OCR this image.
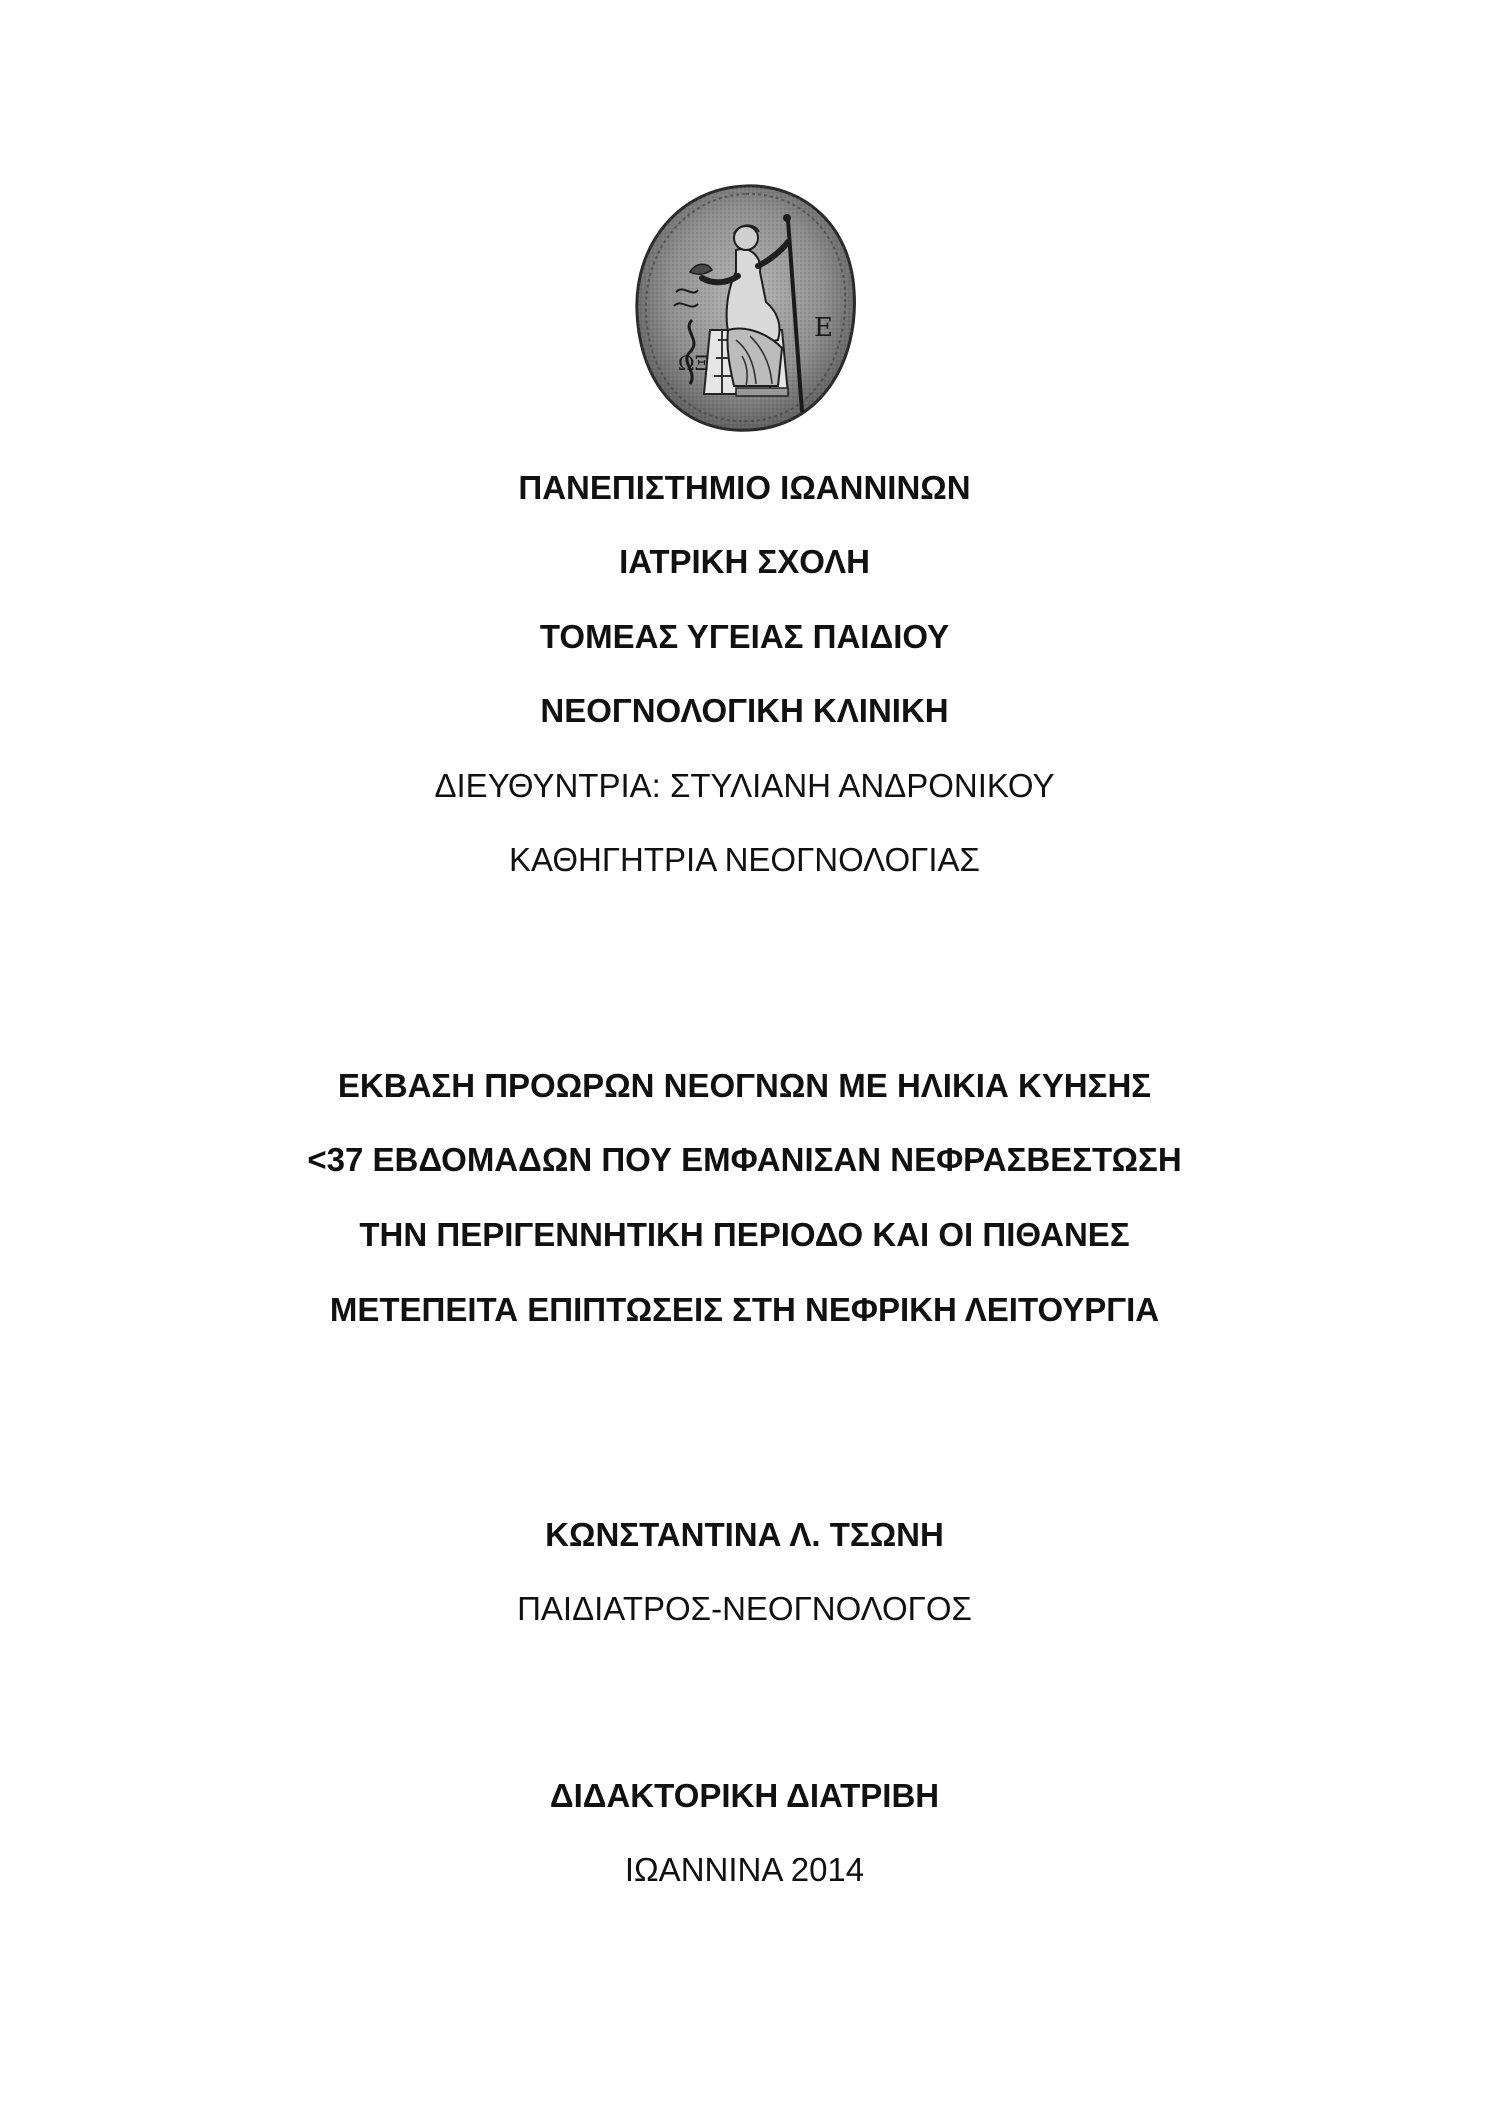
ΩΞ
Ε
ΠΑΝΕΠΙΣΤΗΜΙΟ ΙΩΑΝΝΙΝΩΝ
ΙΑΤΡΙΚΗ ΣΧΟΛΗ
ΤΟΜΕΑΣ ΥΓΕΙΑΣ ΠΑΙΔΙΟΥ
ΝΕΟΓΝΟΛΟΓΙΚΗ ΚΛΙΝΙΚΗ
ΔΙΕΥΘΥΝΤΡΙΑ: ΣΤΥΛΙΑΝΗ ΑΝΔΡΟΝΙΚΟΥ
ΚΑΘΗΓΗΤΡΙΑ ΝΕΟΓΝΟΛΟΓΙΑΣ
ΕΚΒΑΣΗ ΠΡΟΩΡΩΝ ΝΕΟΓΝΩΝ ΜΕ ΗΛΙΚΙΑ ΚΥΗΣΗΣ
<37 ΕΒΔΟΜΑΔΩΝ ΠΟΥ ΕΜΦΑΝΙΣΑΝ ΝΕΦΡΑΣΒΕΣΤΩΣΗ
ΤΗΝ ΠΕΡΙΓΕΝΝΗΤΙΚΗ ΠΕΡΙΟΔΟ ΚΑΙ ΟΙ ΠΙΘΑΝΕΣ
ΜΕΤΕΠΕΙΤΑ ΕΠΙΠΤΩΣΕΙΣ ΣΤΗ ΝΕΦΡΙΚΗ ΛΕΙΤΟΥΡΓΙΑ
ΚΩΝΣΤΑΝΤΙΝΑ Λ. ΤΣΩΝΗ
ΠΑΙΔΙΑΤΡΟΣ-ΝΕΟΓΝΟΛΟΓΟΣ
ΔΙΔΑΚΤΟΡΙΚΗ ΔΙΑΤΡΙΒΗ
ΙΩΑΝΝΙΝΑ 2014
